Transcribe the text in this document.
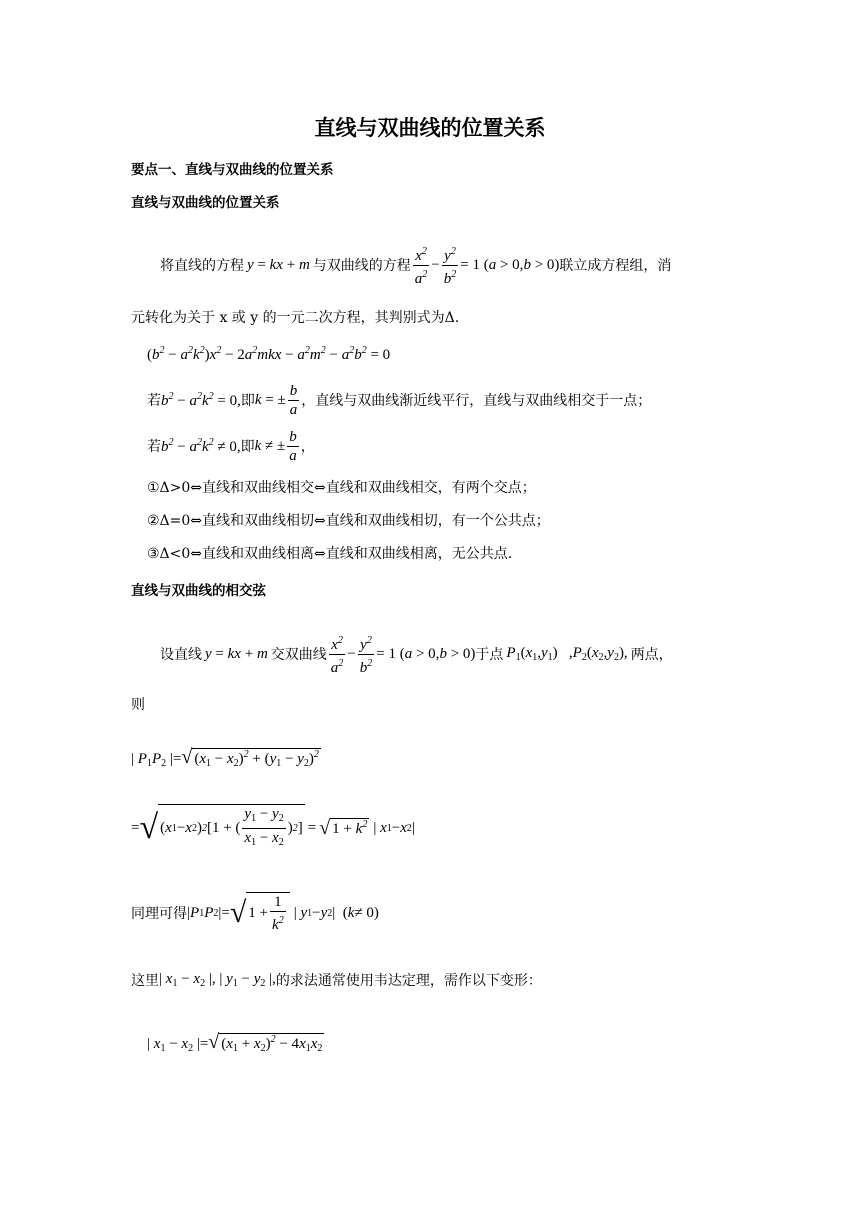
直线与双曲线的位置关系
要点一、直线与双曲线的位置关系
直线与双曲线的位置关系
将直线的方程 y = kx + m 与双曲线的方程 $\frac{x^2}{a^2} - \frac{y^2}{b^2} = 1$ (a > 0,b > 0) 联立成方程组，消
元转化为关于 x 或 y 的一元二次方程，其判别式为Δ.
$(b^2 - a^2k^2)x^2 - 2a^2mkx - a^2m^2 - a^2b^2 = 0$
若 $b^2 - a^2k^2 = 0$, 即 k = ± $\frac{b}{a}$ ，直线与双曲线渐近线平行，直线与双曲线相交于一点；
若 $b^2 - a^2k^2 \ne 0$, 即 k ≠ ± $\frac{b}{a}$ ，
①Δ>0⇔直线和双曲线相交⇔直线和双曲线相交，有两个交点；
②Δ=0⇔直线和双曲线相切⇔直线和双曲线相切，有一个公共点；
③Δ<0⇔直线和双曲线相离⇔直线和双曲线相离，无公共点.
直线与双曲线的相交弦
设直线 y = kx + m 交双曲线 $\frac{x^2}{a^2} - \frac{y^2}{b^2} = 1$ (a > 0,b > 0) 于点 $P_1(x_1,y_1)$ $,P_2(x_2,y_2)$, 两点，
则
| $P_1P_2$ |=√ $(x_1 - x_2)^2 + (y_1 - y_2)^2$
= √ ( x 1 − x 2 ) 2 [1 + ( $\frac{y_1 - y_2}{x_1 - x_2}$ ) 2 ] = √ $1 + k^2$ | x 1 − x 2 |
同理可得 | P 1 P 2 |= √ $1 + \frac{1}{k^2}$ | y 1 − y 2 |
( k ≠ 0)
这里 | $x_1 - x_2$ |, | $y_1 - y_2$ |, 的求法通常使用韦达定理，需作以下变形：
| $x_1 - x_2$ |=√ $(x_1 + x_2)^2 - 4x_1x_2$
